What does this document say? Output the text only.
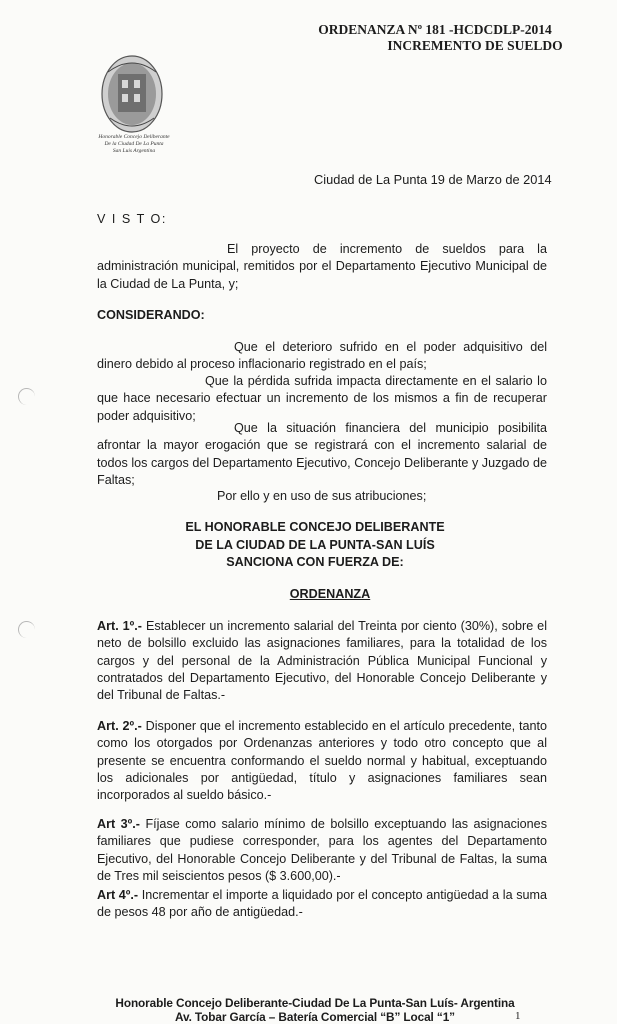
ORDENANZA Nº 181 -HCDCDLP-2014
INCREMENTO DE SUELDO
Honorable Concejo Deliberante
De la Ciudad De La Punta
San Luis Argentina
Ciudad de La Punta 19 de Marzo de 2014
V I S T O:
El proyecto de incremento de sueldos para la administración municipal, remitidos por el Departamento Ejecutivo Municipal de la Ciudad de La Punta, y;
CONSIDERANDO:
Que el deterioro sufrido en el poder adquisitivo del dinero debido al proceso inflacionario registrado en el país;
Que la pérdida sufrida impacta directamente en el salario lo que hace necesario efectuar un incremento de los mismos a fin de recuperar poder adquisitivo;
Que la situación financiera del municipio posibilita afrontar la mayor erogación que se registrará con el incremento salarial de todos los cargos del Departamento Ejecutivo, Concejo Deliberante y Juzgado de Faltas;
Por ello y en uso de sus atribuciones;
EL HONORABLE CONCEJO DELIBERANTE
DE LA CIUDAD DE LA PUNTA-SAN LUÍS
SANCIONA CON FUERZA DE:
ORDENANZA
Art. 1º.- Establecer un incremento salarial del Treinta por ciento (30%), sobre el neto de bolsillo excluido las asignaciones familiares, para la totalidad de los cargos y del personal de la Administración Pública Municipal Funcional y contratados del Departamento Ejecutivo, del Honorable Concejo Deliberante y del Tribunal de Faltas.-
Art. 2º.- Disponer que el incremento establecido en el artículo precedente, tanto como los otorgados por Ordenanzas anteriores y todo otro concepto que al presente se encuentra conformando el sueldo normal y habitual, exceptuando los adicionales por antigüedad, título y asignaciones familiares sean incorporados al sueldo básico.-
Art 3º.- Fíjase como salario mínimo de bolsillo exceptuando las asignaciones familiares que pudiese corresponder, para los agentes del Departamento Ejecutivo, del Honorable Concejo Deliberante y del Tribunal de Faltas, la suma de Tres mil seiscientos pesos ($ 3.600,00).-
Art 4º.- Incrementar el importe a liquidado por el concepto antigüedad a la suma de pesos 48 por año de antigüedad.-
Honorable Concejo Deliberante-Ciudad De La Punta-San Luís- Argentina
Av. Tobar García – Batería Comercial “B” Local “1”	1
